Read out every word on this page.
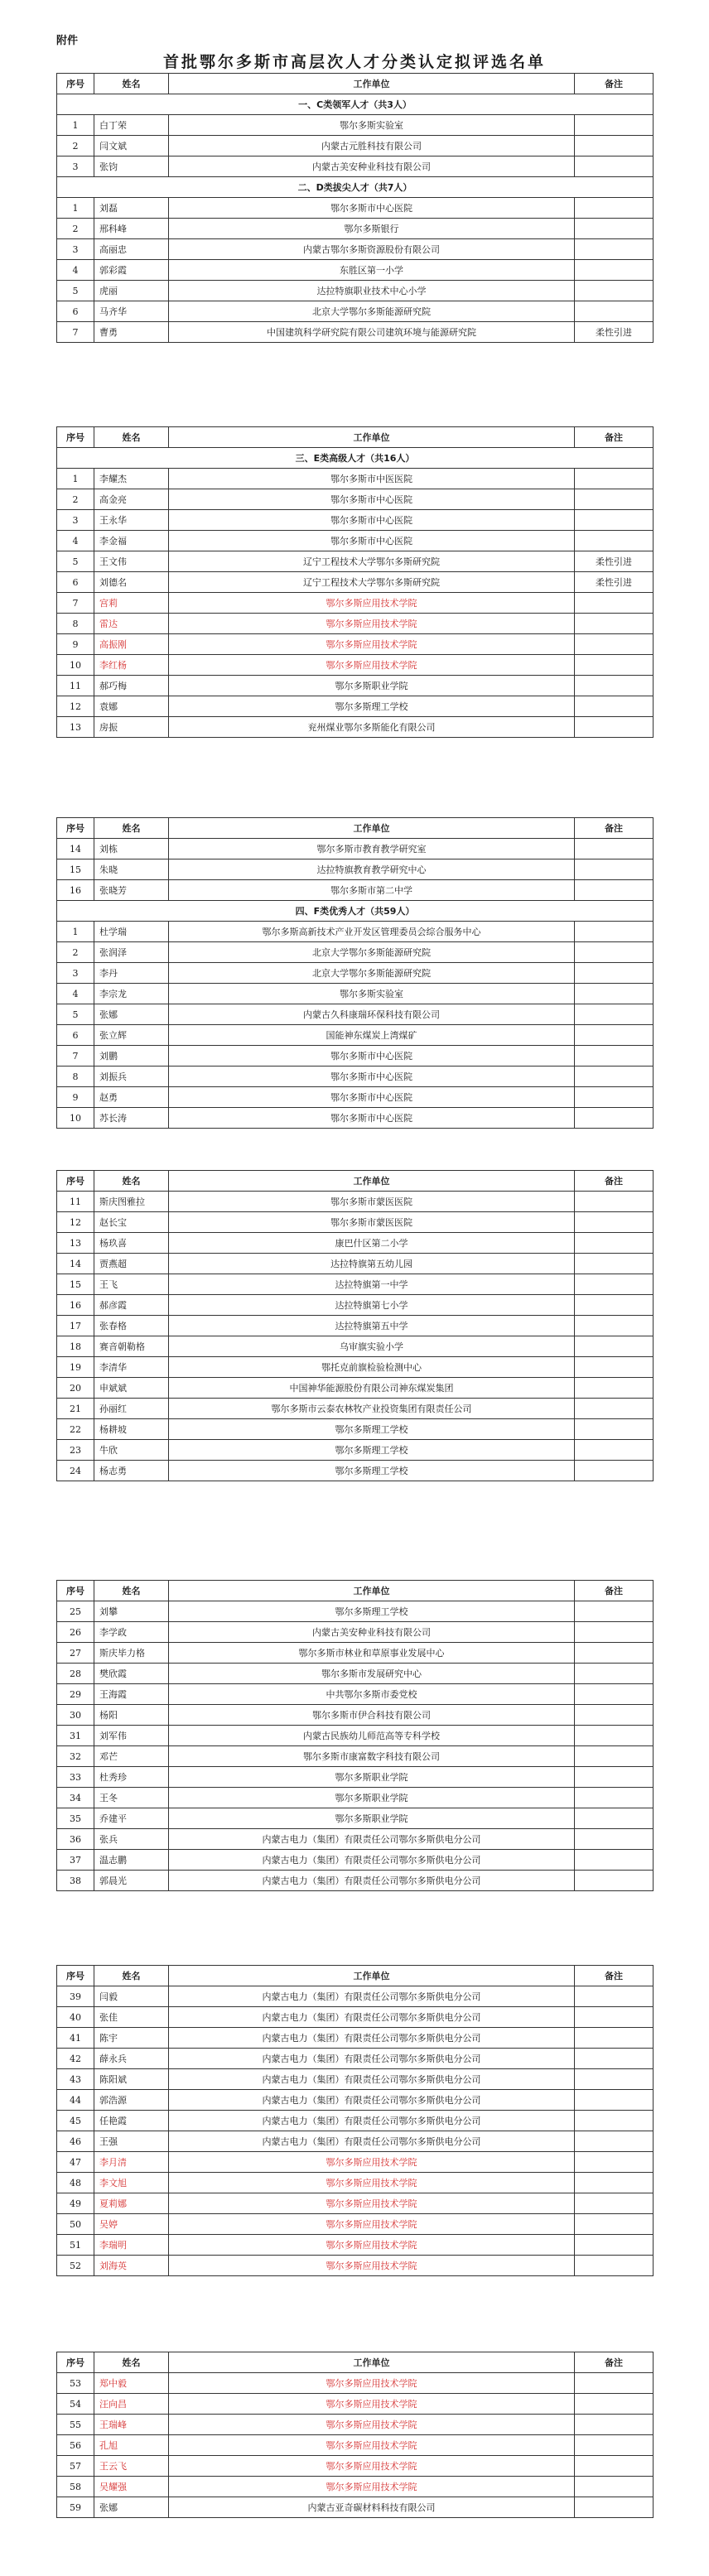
附件
首批鄂尔多斯市高层次人才分类认定拟评选名单
序号	姓名	工作单位	备注
一、C类领军人才（共3人）			
1	白丁荣	鄂尔多斯实验室	
2	闫文斌	内蒙古元胜科技有限公司	
3	张钧	内蒙古美安种业科技有限公司	
二、D类拔尖人才（共7人）			
1	刘磊	鄂尔多斯市中心医院	
2	邢科峰	鄂尔多斯银行	
3	高丽忠	内蒙古鄂尔多斯资源股份有限公司	
4	郭彩霞	东胜区第一小学	
5	虎丽	达拉特旗职业技术中心小学	
6	马齐华	北京大学鄂尔多斯能源研究院	
7	曹勇	中国建筑科学研究院有限公司建筑环境与能源研究院	柔性引进
序号	姓名	工作单位	备注
三、E类高级人才（共16人）			
1	李耀杰	鄂尔多斯市中医医院	
2	高金亮	鄂尔多斯市中心医院	
3	王永华	鄂尔多斯市中心医院	
4	李金福	鄂尔多斯市中心医院	
5	王文伟	辽宁工程技术大学鄂尔多斯研究院	柔性引进
6	刘德名	辽宁工程技术大学鄂尔多斯研究院	柔性引进
7	宫莉	鄂尔多斯应用技术学院	
8	雷达	鄂尔多斯应用技术学院	
9	高振刚	鄂尔多斯应用技术学院	
10	李红杨	鄂尔多斯应用技术学院	
11	郝巧梅	鄂尔多斯职业学院	
12	袁娜	鄂尔多斯理工学校	
13	房振	兖州煤业鄂尔多斯能化有限公司	
序号	姓名	工作单位	备注
14	刘栋	鄂尔多斯市教育教学研究室	
15	朱晓	达拉特旗教育教学研究中心	
16	张晓芳	鄂尔多斯市第二中学	
四、F类优秀人才（共59人）			
1	杜学瑞	鄂尔多斯高新技术产业开发区管理委员会综合服务中心	
2	张润泽	北京大学鄂尔多斯能源研究院	
3	李丹	北京大学鄂尔多斯能源研究院	
4	李宗龙	鄂尔多斯实验室	
5	张娜	内蒙古久科康瑞环保科技有限公司	
6	张立辉	国能神东煤炭上湾煤矿	
7	刘鹏	鄂尔多斯市中心医院	
8	刘振兵	鄂尔多斯市中心医院	
9	赵勇	鄂尔多斯市中心医院	
10	苏长涛	鄂尔多斯市中心医院	
序号	姓名	工作单位	备注
11	斯庆图雅拉	鄂尔多斯市蒙医医院	
12	赵长宝	鄂尔多斯市蒙医医院	
13	杨玖喜	康巴什区第二小学	
14	贾燕超	达拉特旗第五幼儿园	
15	王飞	达拉特旗第一中学	
16	郝彦霞	达拉特旗第七小学	
17	张春格	达拉特旗第五中学	
18	赛音朝勒格	乌审旗实验小学	
19	李清华	鄂托克前旗检验检测中心	
20	申斌斌	中国神华能源股份有限公司神东煤炭集团	
21	孙丽红	鄂尔多斯市云泰农林牧产业投资集团有限责任公司	
22	杨耕坡	鄂尔多斯理工学校	
23	牛欣	鄂尔多斯理工学校	
24	杨志勇	鄂尔多斯理工学校	
序号	姓名	工作单位	备注
25	刘攀	鄂尔多斯理工学校	
26	李学政	内蒙古美安种业科技有限公司	
27	斯庆毕力格	鄂尔多斯市林业和草原事业发展中心	
28	樊欣霞	鄂尔多斯市发展研究中心	
29	王海霞	中共鄂尔多斯市委党校	
30	杨阳	鄂尔多斯市伊合科技有限公司	
31	刘军伟	内蒙古民族幼儿师范高等专科学校	
32	邓芒	鄂尔多斯市康富数字科技有限公司	
33	杜秀珍	鄂尔多斯职业学院	
34	王冬	鄂尔多斯职业学院	
35	乔建平	鄂尔多斯职业学院	
36	张兵	内蒙古电力（集团）有限责任公司鄂尔多斯供电分公司	
37	温志鹏	内蒙古电力（集团）有限责任公司鄂尔多斯供电分公司	
38	郭晨光	内蒙古电力（集团）有限责任公司鄂尔多斯供电分公司	
序号	姓名	工作单位	备注
39	闫毅	内蒙古电力（集团）有限责任公司鄂尔多斯供电分公司	
40	张佳	内蒙古电力（集团）有限责任公司鄂尔多斯供电分公司	
41	陈宇	内蒙古电力（集团）有限责任公司鄂尔多斯供电分公司	
42	薛永兵	内蒙古电力（集团）有限责任公司鄂尔多斯供电分公司	
43	陈阳斌	内蒙古电力（集团）有限责任公司鄂尔多斯供电分公司	
44	郭浩源	内蒙古电力（集团）有限责任公司鄂尔多斯供电分公司	
45	任艳霞	内蒙古电力（集团）有限责任公司鄂尔多斯供电分公司	
46	王强	内蒙古电力（集团）有限责任公司鄂尔多斯供电分公司	
47	李月清	鄂尔多斯应用技术学院	
48	李文旭	鄂尔多斯应用技术学院	
49	夏莉娜	鄂尔多斯应用技术学院	
50	吴婷	鄂尔多斯应用技术学院	
51	李瑞明	鄂尔多斯应用技术学院	
52	刘海英	鄂尔多斯应用技术学院	
序号	姓名	工作单位	备注
53	郑中毅	鄂尔多斯应用技术学院	
54	汪向昌	鄂尔多斯应用技术学院	
55	王瑞峰	鄂尔多斯应用技术学院	
56	孔旭	鄂尔多斯应用技术学院	
57	王云飞	鄂尔多斯应用技术学院	
58	吴耀强	鄂尔多斯应用技术学院	
59	张娜	内蒙古亚奇碳材料科技有限公司	
